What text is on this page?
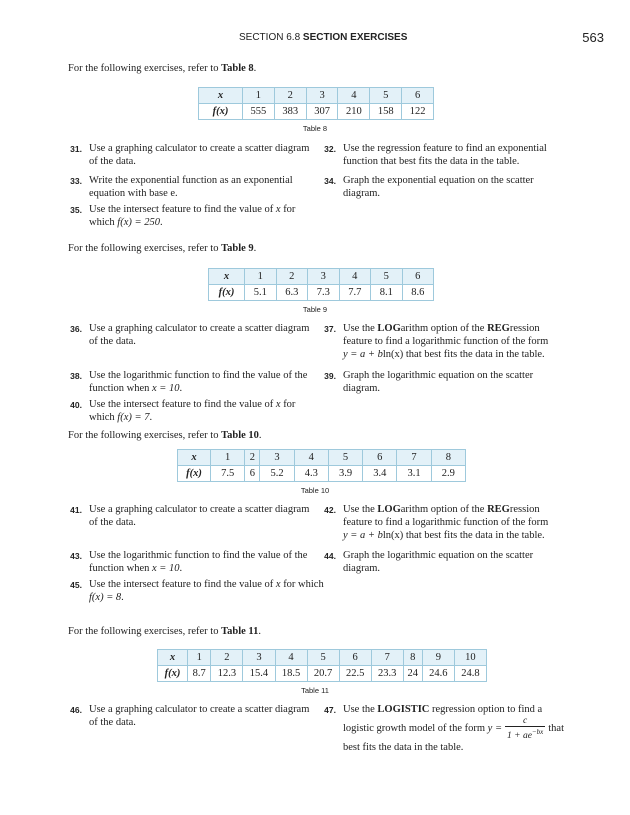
SECTION 6.8 SECTION EXERCISES	563
For the following exercises, refer to Table 8.
x	1	2	3	4	5	6
f(x)	555	383	307	210	158	122
Table 8
31. Use a graphing calculator to create a scatter diagram
of the data.
32. Use the regression feature to find an exponential
function that best fits the data in the table.
33. Write the exponential function as an exponential
equation with base e.
34. Graph the exponential equation on the scatter
diagram.
35. Use the intersect feature to find the value of x for
which f(x) = 250.
For the following exercises, refer to Table 9.
x	1	2	3	4	5	6
f(x)	5.1	6.3	7.3	7.7	8.1	8.6
Table 9
36. Use a graphing calculator to create a scatter diagram
of the data.
37. Use the LOGarithm option of the REGression
feature to find a logarithmic function of the form
y = a + bln(x) that best fits the data in the table.
38. Use the logarithmic function to find the value of the
function when x = 10.
39. Graph the logarithmic equation on the scatter
diagram.
40. Use the intersect feature to find the value of x for
which f(x) = 7.
For the following exercises, refer to Table 10.
x	1	2	3	4	5	6	7	8
f(x)	7.5	6	5.2	4.3	3.9	3.4	3.1	2.9
Table 10
41. Use a graphing calculator to create a scatter diagram
of the data.
42. Use the LOGarithm option of the REGression
feature to find a logarithmic function of the form
y = a + bln(x) that best fits the data in the table.
43. Use the logarithmic function to find the value of the
function when x = 10.
44. Graph the logarithmic equation on the scatter
diagram.
45. Use the intersect feature to find the value of x for which
f(x) = 8.
For the following exercises, refer to Table 11.
x	1	2	3	4	5	6	7	8	9	10
f(x)	8.7	12.3	15.4	18.5	20.7	22.5	23.3	24	24.6	24.8
Table 11
46. Use a graphing calculator to create a scatter diagram
of the data.
47. Use the LOGISTIC regression option to find a
logistic growth model of the form $y = \frac{c}{1 + ae^{-bx}}$ that
best fits the data in the table.
